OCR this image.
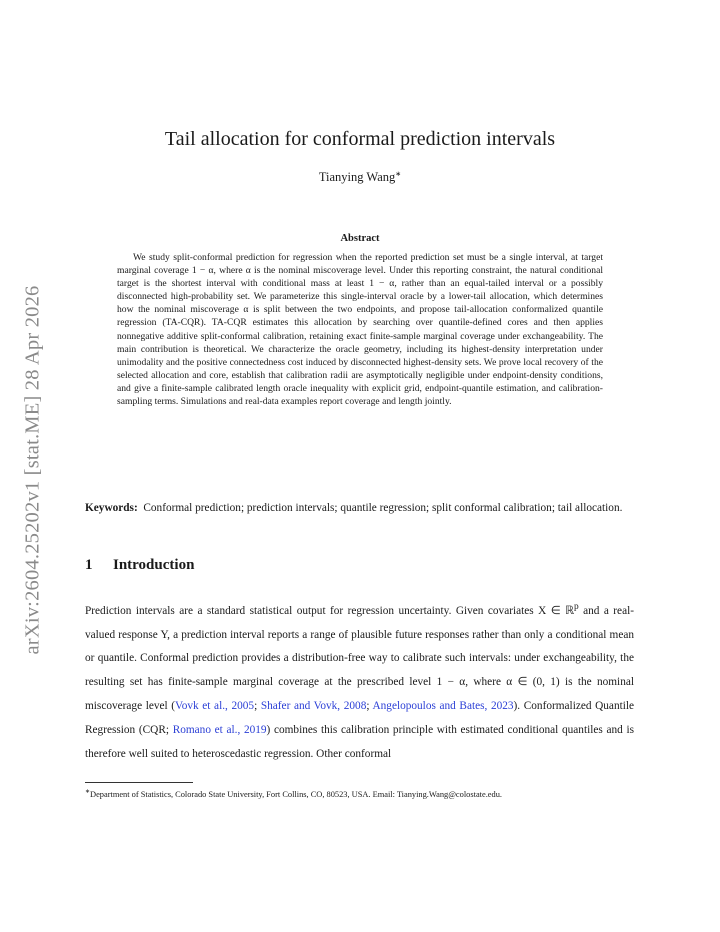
arXiv:2604.25202v1 [stat.ME] 28 Apr 2026
Tail allocation for conformal prediction intervals
Tianying Wang∗
Abstract
We study split-conformal prediction for regression when the reported prediction set must be a single interval, at target marginal coverage 1 − α, where α is the nominal miscoverage level. Under this reporting constraint, the natural conditional target is the shortest interval with conditional mass at least 1 − α, rather than an equal-tailed interval or a possibly disconnected high-probability set. We parameterize this single-interval oracle by a lower-tail allocation, which determines how the nominal miscoverage α is split between the two endpoints, and propose tail-allocation conformalized quantile regression (TA-CQR). TA-CQR estimates this allocation by searching over quantile-defined cores and then applies nonnegative additive split-conformal calibration, retaining exact finite-sample marginal coverage under exchangeability. The main contribution is theoretical. We characterize the oracle geometry, including its highest-density interpretation under unimodality and the positive connectedness cost induced by disconnected highest-density sets. We prove local recovery of the selected allocation and core, establish that calibration radii are asymptotically negligible under endpoint-density conditions, and give a finite-sample calibrated length oracle inequality with explicit grid, endpoint-quantile estimation, and calibration-sampling terms. Simulations and real-data examples report coverage and length jointly.
Keywords: Conformal prediction; prediction intervals; quantile regression; split conformal calibration; tail allocation.
1 Introduction
Prediction intervals are a standard statistical output for regression uncertainty. Given covariates X ∈ ℝ$^p$ and a real-valued response Y, a prediction interval reports a range of plausible future responses rather than only a conditional mean or quantile. Conformal prediction provides a distribution-free way to calibrate such intervals: under exchangeability, the resulting set has finite-sample marginal coverage at the prescribed level 1 − α, where α ∈ (0, 1) is the nominal miscoverage level (Vovk et al., 2005; Shafer and Vovk, 2008; Angelopoulos and Bates, 2023). Conformalized Quantile Regression (CQR; Romano et al., 2019) combines this calibration principle with estimated conditional quantiles and is therefore well suited to heteroscedastic regression. Other conformal
∗Department of Statistics, Colorado State University, Fort Collins, CO, 80523, USA. Email: Tianying.Wang@colostate.edu.
